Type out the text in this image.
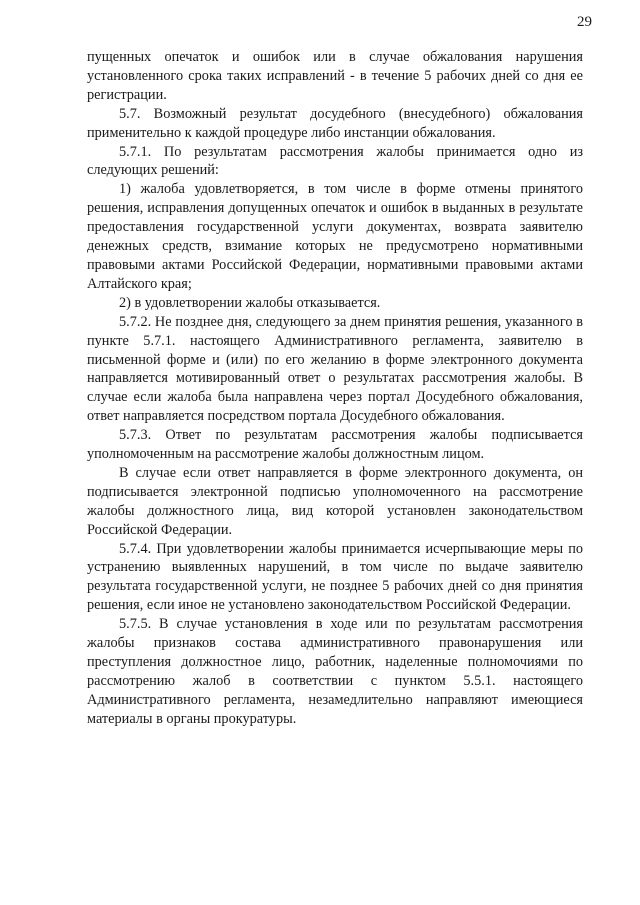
29

пущенных опечаток и ошибок или в случае обжалования нарушения установленного срока таких исправлений - в течение 5 рабочих дней со дня ее регистрации.

5.7. Возможный результат досудебного (внесудебного) обжалования применительно к каждой процедуре либо инстанции обжалования.

5.7.1. По результатам рассмотрения жалобы принимается одно из следующих решений:

1) жалоба удовлетворяется, в том числе в форме отмены принятого решения, исправления допущенных опечаток и ошибок в выданных в результате предоставления государственной услуги документах, возврата заявителю денежных средств, взимание которых не предусмотрено нормативными правовыми актами Российской Федерации, нормативными правовыми актами Алтайского края;

2) в удовлетворении жалобы отказывается.

5.7.2. Не позднее дня, следующего за днем принятия решения, указанного в пункте 5.7.1. настоящего Административного регламента, заявителю в письменной форме и (или) по его желанию в форме электронного документа направляется мотивированный ответ о результатах рассмотрения жалобы. В случае если жалоба была направлена через портал Досудебного обжалования, ответ направляется посредством портала Досудебного обжалования.

5.7.3. Ответ по результатам рассмотрения жалобы подписывается уполномоченным на рассмотрение жалобы должностным лицом.

В случае если ответ направляется в форме электронного документа, он подписывается электронной подписью уполномоченного на рассмотрение жалобы должностного лица, вид которой установлен законодательством Российской Федерации.

5.7.4. При удовлетворении жалобы принимается исчерпывающие меры по устранению выявленных нарушений, в том числе по выдаче заявителю результата государственной услуги, не позднее 5 рабочих дней со дня принятия решения, если иное не установлено законодательством Российской Федерации.

5.7.5. В случае установления в ходе или по результатам рассмотрения жалобы признаков состава административного правонарушения или преступления должностное лицо, работник, наделенные полномочиями по рассмотрению жалоб в соответствии с пунктом 5.5.1. настоящего Административного регламента, незамедлительно направляют имеющиеся материалы в органы прокуратуры.
